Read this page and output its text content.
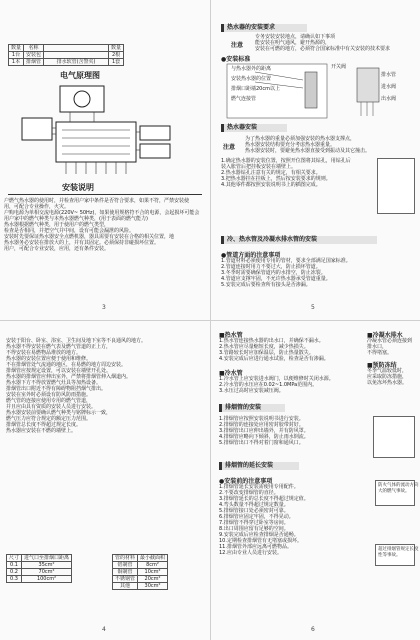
数量	名称		数量
1台	安装包		2根
1本	排烟管	排水软管(含警夹)	1套
电气原理图
安装说明
户燃气热水器的使用时，并检查用户家中条件是否符合要求，如果不符，严禁安装使
用，可配合专业操作，火灾。
户购电源为单相交流电源(220V~ 50Hz)，如果使用规格符不合的电源，会起损坏可能会
用户家中的燃气种类与本热水器燃气种类，(用于表面的燃气能力)
热水器根据燃气种类，用于使用户的燃气类型，
检查是否相同，并把空气并中间，设有可能会漏泄的风险。
安装时先要保证热水器安全点燃机器，器具需要有安装在合格的相关位置，地
热水器务必安装在排放大的上，并有其固定。必须保持非碰损坏位置。
用户，可配合专业安装，应用，还有条件安装。
3
热水器的安装要求
注意
专务安装安装地点，请确认如下事项
能安装在明气通风，避开热源的，
安装在可燃的地方，必须符合国家标准中有关安装的技术要求
●安装标准
与热水器外的距离
安装热水器的位置
排烟口距墙20cm以上
燃气连接管
开关阀
排水管
进水阀
出水阀
热水器安装
注意
为了热水器的重量必须加强安装的热水器支撑点，
热水器安装结构要充分考虑热水器重量。
热水器安装时，要避免热水器直接受到振动及其它撞击。
1.确定热水器的安装位置，按照开位图将其钻孔，用钻孔后
装入胀管后把挂板安装在墙壁上。
2.热水器钻孔注意有关的规定，有相关要求。
3.把热水器挂在挂板上，然后按安装要求的规则。
4.其他零件都按照安装说明书上的插图完成。
冷、热水管及冷凝水排水管的安装
●管道方面的注意事项
1.管道材料必须使用专用的管材，要求全部满足国家标准。
2.管道连接时用力不要过大，防止损坏管道。
3.冬季时需要确保管道内的水排空，防止冻裂。
4.管道应支撑牢固，不允许热水器承受管道重量。
5.安装完成后要检查所有接头是否渗漏。
5
安装于阳台、卧室、浴室、卫生间及地下室等不良通风的地方。
热水器不得安装在燃气表及燃气管道的正上方，
不得安装在易燃物品堆放的地方。
热水器的安装位置应便于使用和维修。
不在排烟管处气流通的地区，在易燃的地方周边安装。
排烟管应按规定设置，可以安装在墙壁开孔处。
热水器的排烟管应伸出室外，严禁将排烟管伸入烟道内。
热水器下方不得放置燃气灶具等加热设备。
排烟管出口附近不得有障碍物阻挡烟气排出。
安装在室外时必须设有防风防雨措施。
燃气管的连接应使用专用的燃气管道，
并且应由具有资质的安装人员进行安装。
热水器安装前要确认燃气种类与铭牌标示一致，
燃气压力应符合规定的额定压力范围。
排烟管总长度不得超过规定长度。
热水器应安装在不燃的墙壁上。
尺寸	进气口至排烟口距离
0.1	35cm²
0.2	70cm²
0.3	100cm²
管的材料	最小截面积
铝制管	8cm²
铜制管	10cm²
不锈钢管	20cm²
其他	30cm²
4
■热水管
1.热水管连接热水器的出水口，并确保不漏水。
2.热水管应尽量缩短长度，减少热损失。
3.管路较长时应加保温层，防止热量散失。
4.安装完成后应进行通水试验，检查是否有渗漏。
■冷水管
1.冷水管上应安装进水阀门，以便维修时关闭水源。
2.冷水管的水压应在0.02~1.0MPa范围内。
3.水压过高时应安装减压阀。
■冷凝水排水
冷凝水管必须连接到
排水口，
不得堵塞。
■预防冻结
冬季气温较低时，
应采取防冻措施，
以免冻坏热水器。
排烟管的安装
1.排烟管应按照安装说明书进行安装。
2.排烟管的连接处应用密封胶带封好。
3.排烟管出口应伸出墙外，并有防风罩。
4.排烟管应略向下倾斜，防止雨水倒流。
5.排烟管出口不得对着门窗和通风口。
排烟管的延长安装
●安装前的注意事项
1.排烟管延长安装需使用专用配件。
2.不要改变排烟管的直径。
3.排烟管延长的总长度不得超过规定值。
4.弯头数量不得超过规定数量。
5.排烟管接口处必须密封可靠。
6.排烟管应固定牢固，不得晃动。
7.排烟管不得穿过卧室等房间。
8.出口周围应留有足够的空间。
9.安装完成后应检查排烟是否通畅。
10.定期检查排烟管有无堵塞或损坏。
11.排烟管外部应远离可燃物品。
12.应由专业人员进行安装。
防火气体的流动方向
大的燃气事故。
超过排烟管规定长度
性等事故。
6
